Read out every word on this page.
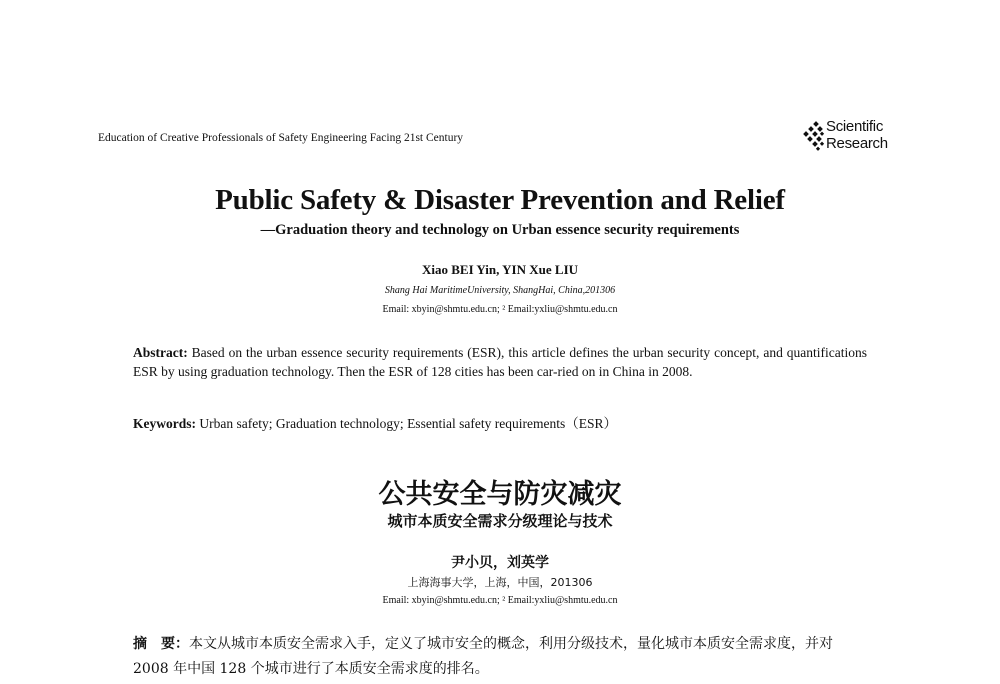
Education of Creative Professionals of Safety Engineering Facing 21st Century
Scientific
Research
Public Safety & Disaster Prevention and Relief
—Graduation theory and technology on Urban essence security requirements
Xiao BEI Yin, YIN Xue LIU
Shang Hai MaritimeUniversity, ShangHai, China,201306
Email: xbyin@shmtu.edu.cn; ² Email:yxliu@shmtu.edu.cn
Abstract: Based on the urban essence security requirements (ESR), this article defines the urban security concept, and quantifications ESR by using graduation technology. Then the ESR of 128 cities has been car-ried on in China in 2008.
Keywords: Urban safety; Graduation technology; Essential safety requirements（ESR）
公共安全与防灾减灾
城市本质安全需求分级理论与技术
尹小贝，刘英学
上海海事大学，上海，中国，201306
Email: xbyin@shmtu.edu.cn; ² Email:yxliu@shmtu.edu.cn
摘　要：本文从城市本质安全需求入手，定义了城市安全的概念，利用分级技术，量化城市本质安全需求度，并对 2008 年中国 128 个城市进行了本质安全需求度的排名。
